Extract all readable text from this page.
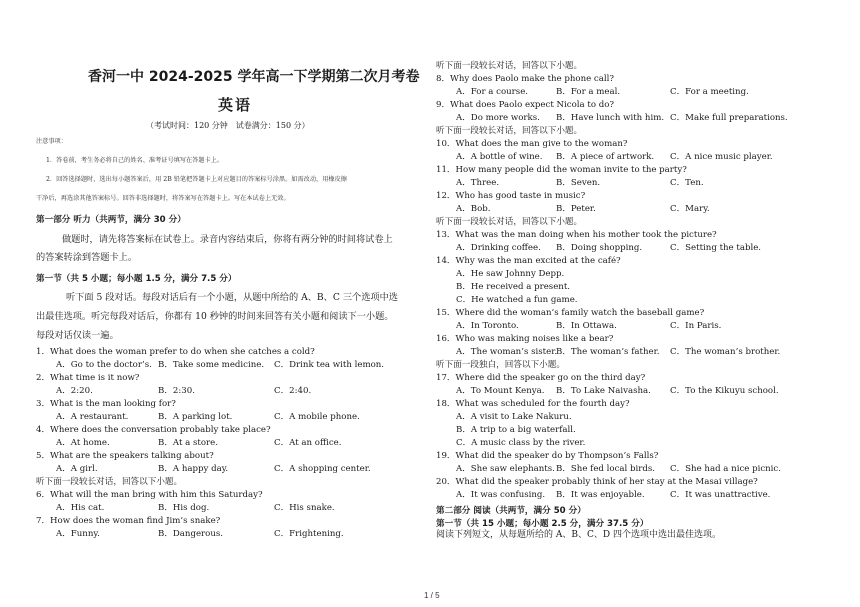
香河一中 2024-2025 学年高一下学期第二次月考卷
英语
（考试时间：120 分钟　试卷满分：150 分）
注意事项：
1．答卷前，考生务必将自己的姓名、准考证号填写在答题卡上。
2．回答选择题时，选出每小题答案后，用 2B 铅笔把答题卡上对应题目的答案标号涂黑。如需改动，用橡皮擦
干净后，再选涂其他答案标号。回答非选择题时，将答案写在答题卡上。写在本试卷上无效。
第一部分 听力（共两节，满分 30 分）
做题时，请先将答案标在试卷上。录音内容结束后，你将有两分钟的时间将试卷上
的答案转涂到答题卡上。
第一节（共 5 小题；每小题 1.5 分，满分 7.5 分）
听下面 5 段对话。每段对话后有一个小题，从题中所给的 A、B、C 三个选项中选
出最佳选项。听完每段对话后，你都有 10 秒钟的时间来回答有关小题和阅读下一小题。
每段对话仅读一遍。
1．What does the woman prefer to do when she catches a cold?
A．Go to the doctor’s. B．Take some medicine. C．Drink tea with lemon.
2．What time is it now?
A．2:20.	B．2:30.	C．2:40.
3．What is the man looking for?
A．A restaurant.	B．A parking lot.	C．A mobile phone.
4．Where does the conversation probably take place?
A．At home.	B．At a store.	C．At an office.
5．What are the speakers talking about?
A．A girl.	B．A happy day.	C．A shopping center.
听下面一段较长对话，回答以下小题。
6．What will the man bring with him this Saturday?
A．His cat.	B．His dog.	C．His snake.
7．How does the woman find Jim’s snake?
A．Funny.	B．Dangerous.	C．Frightening.
听下面一段较长对话，回答以下小题。
8．Why does Paolo make the phone call?
A．For a course.	B．For a meal.	C．For a meeting.
9．What does Paolo expect Nicola to do?
A．Do more works. B．Have lunch with him. C．Make full preparations.
听下面一段较长对话，回答以下小题。
10．What does the man give to the woman?
A．A bottle of wine. B．A piece of artwork. C．A nice music player.
11．How many people did the woman invite to the party?
A．Three.	B．Seven.	C．Ten.
12．Who has good taste in music?
A．Bob.	B．Peter.	C．Mary.
听下面一段较长对话，回答以下小题。
13．What was the man doing when his mother took the picture?
A．Drinking coffee. B．Doing shopping.	C．Setting the table.
14．Why was the man excited at the café?
A．He saw Johnny Depp.
B．He received a present.
C．He watched a fun game.
15．Where did the woman’s family watch the baseball game?
A．In Toronto.	B．In Ottawa.	C．In Paris.
16．Who was making noises like a bear?
A．The woman’s sister.
B．The woman’s father. C．The woman’s brother.
听下面一段独白，回答以下小题。
17．Where did the speaker go on the third day?
A．To Mount Kenya. B．To Lake Naivasha. C．To the Kikuyu school.
18．What was scheduled for the fourth day?
A．A visit to Lake Nakuru.
B．A trip to a big waterfall.
C．A music class by the river.
19．What did the speaker do by Thompson’s Falls?
A．She saw elephants. B．She fed local birds. C．She had a nice picnic.
20．What did the speaker probably think of her stay at the Masai village?
A．It was confusing. B．It was enjoyable.	C．It was unattractive.
第二部分 阅读（共两节，满分 50 分）
第一节（共 15 小题；每小题 2.5 分，满分 37.5 分）
阅读下列短文，从每题所给的 A、B、C、D 四个选项中选出最佳选项。
1 / 5
